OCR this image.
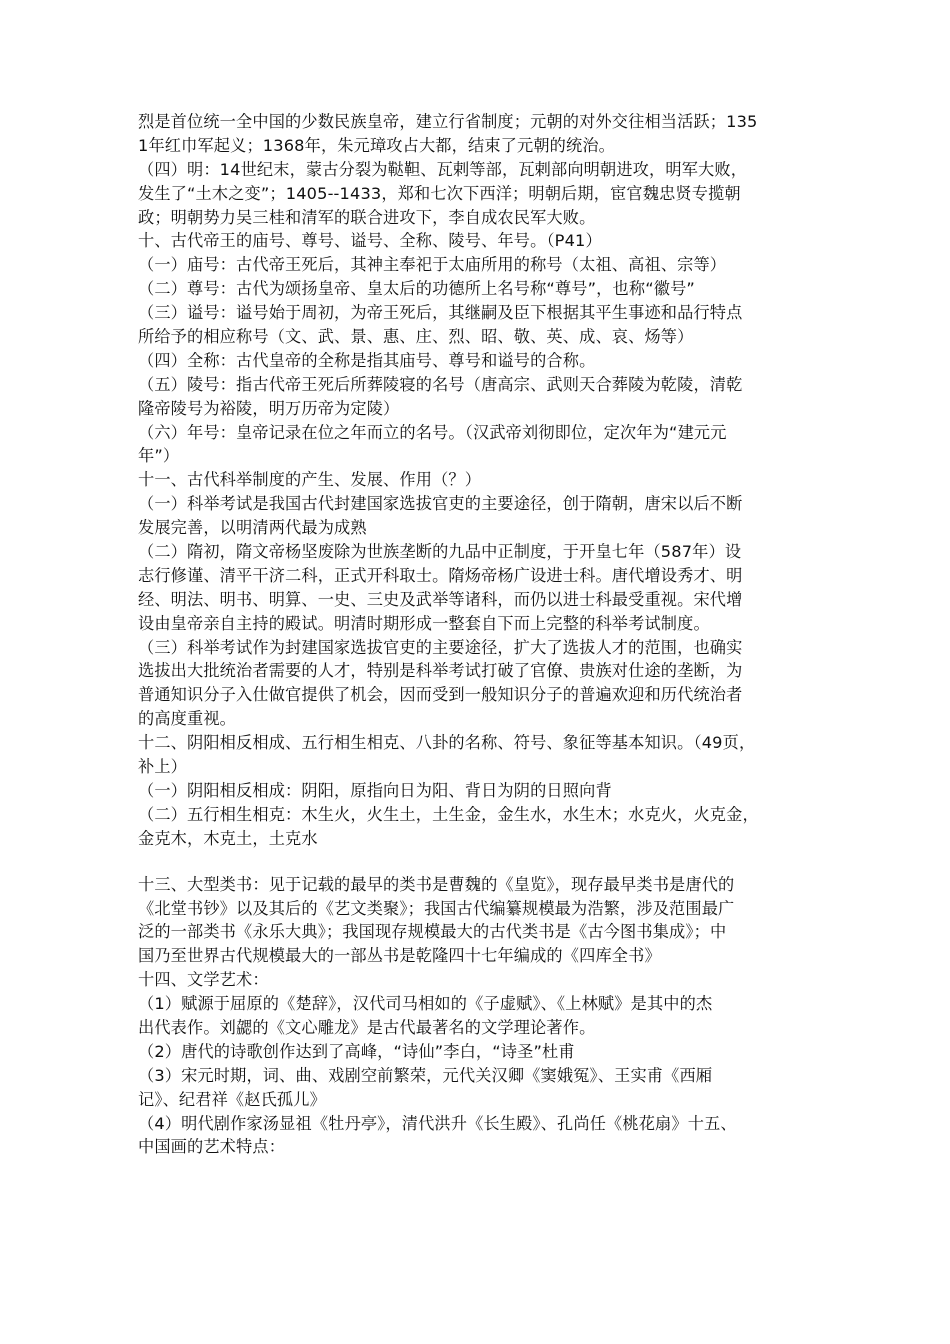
烈是首位统一全中国的少数民族皇帝，建立行省制度；元朝的对外交往相当活跃；135
1年红巾军起义；1368年，朱元璋攻占大都，结束了元朝的统治。
（四）明：14世纪末，蒙古分裂为鞑靼、瓦剌等部，瓦剌部向明朝进攻，明军大败，
发生了“土木之变”；1405--1433，郑和七次下西洋；明朝后期，宦官魏忠贤专揽朝
政；明朝势力吴三桂和清军的联合进攻下，李自成农民军大败。
十、古代帝王的庙号、尊号、谥号、全称、陵号、年号。（P41）
（一）庙号：古代帝王死后，其神主奉祀于太庙所用的称号（太祖、高祖、宗等）
（二）尊号：古代为颂扬皇帝、皇太后的功德所上名号称“尊号”，也称“徽号”
（三）谥号：谥号始于周初，为帝王死后，其继嗣及臣下根据其平生事迹和品行特点
所给予的相应称号（文、武、景、惠、庄、烈、昭、敬、英、成、哀、炀等）
（四）全称：古代皇帝的全称是指其庙号、尊号和谥号的合称。
（五）陵号：指古代帝王死后所葬陵寝的名号（唐高宗、武则天合葬陵为乾陵，清乾
隆帝陵号为裕陵，明万历帝为定陵）
（六）年号：皇帝记录在位之年而立的名号。（汉武帝刘彻即位，定次年为“建元元
年”）
十一、古代科举制度的产生、发展、作用（？）
（一）科举考试是我国古代封建国家选拔官吏的主要途径，创于隋朝，唐宋以后不断
发展完善，以明清两代最为成熟
（二）隋初，隋文帝杨坚废除为世族垄断的九品中正制度，于开皇七年（587年）设
志行修谨、清平干济二科，正式开科取士。隋炀帝杨广设进士科。唐代增设秀才、明
经、明法、明书、明算、一史、三史及武举等诸科，而仍以进士科最受重视。宋代增
设由皇帝亲自主持的殿试。明清时期形成一整套自下而上完整的科举考试制度。
（三）科举考试作为封建国家选拔官吏的主要途径，扩大了选拔人才的范围，也确实
选拔出大批统治者需要的人才，特别是科举考试打破了官僚、贵族对仕途的垄断，为
普通知识分子入仕做官提供了机会，因而受到一般知识分子的普遍欢迎和历代统治者
的高度重视。
十二、阴阳相反相成、五行相生相克、八卦的名称、符号、象征等基本知识。（49页，
补上）
（一）阴阳相反相成：阴阳，原指向日为阳、背日为阴的日照向背
（二）五行相生相克：木生火，火生土，土生金，金生水，水生木；水克火，火克金，
金克木，木克土，土克水
十三、大型类书：见于记载的最早的类书是曹魏的《皇览》，现存最早类书是唐代的
《北堂书钞》以及其后的《艺文类聚》；我国古代编纂规模最为浩繁，涉及范围最广
泛的一部类书《永乐大典》；我国现存规模最大的古代类书是《古今图书集成》；中
国乃至世界古代规模最大的一部丛书是乾隆四十七年编成的《四库全书》
十四、文学艺术：
（1）赋源于屈原的《楚辞》，汉代司马相如的《子虚赋》、《上林赋》是其中的杰
出代表作。刘勰的《文心雕龙》是古代最著名的文学理论著作。
（2）唐代的诗歌创作达到了高峰，“诗仙”李白，“诗圣”杜甫
（3）宋元时期，词、曲、戏剧空前繁荣，元代关汉卿《窦娥冤》、王实甫《西厢
记》、纪君祥《赵氏孤儿》
（4）明代剧作家汤显祖《牡丹亭》，清代洪升《长生殿》、孔尚任《桃花扇》十五、
中国画的艺术特点：
